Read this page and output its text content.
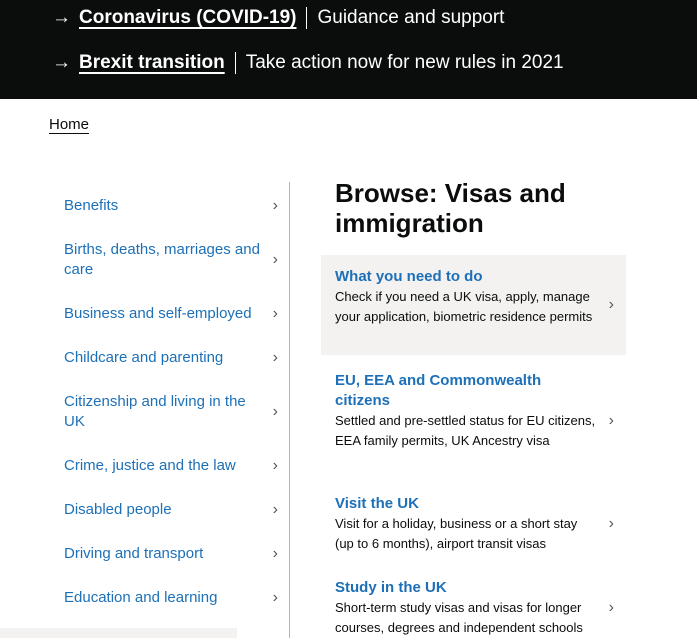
→ Coronavirus (COVID-19) Guidance and support
→ Brexit transition Take action now for new rules in 2021
Home
Benefits	›
Births, deaths, marriages and care
›
Business and self-employed	›
Childcare and parenting	›
Citizenship and living in the UK
›
Crime, justice and the law	›
Disabled people	›
Driving and transport	›
Education and learning	›
Browse: Visas and immigration
What you need to do
Check if you need a UK visa, apply, manage your application, biometric residence permits
›
EU, EEA and Commonwealth citizens
Settled and pre-settled status for EU citizens, EEA family permits, UK Ancestry visa
›
Visit the UK
Visit for a holiday, business or a short stay (up to 6 months), airport transit visas
›
Study in the UK
Short-term study visas and visas for longer courses, degrees and independent schools
›
